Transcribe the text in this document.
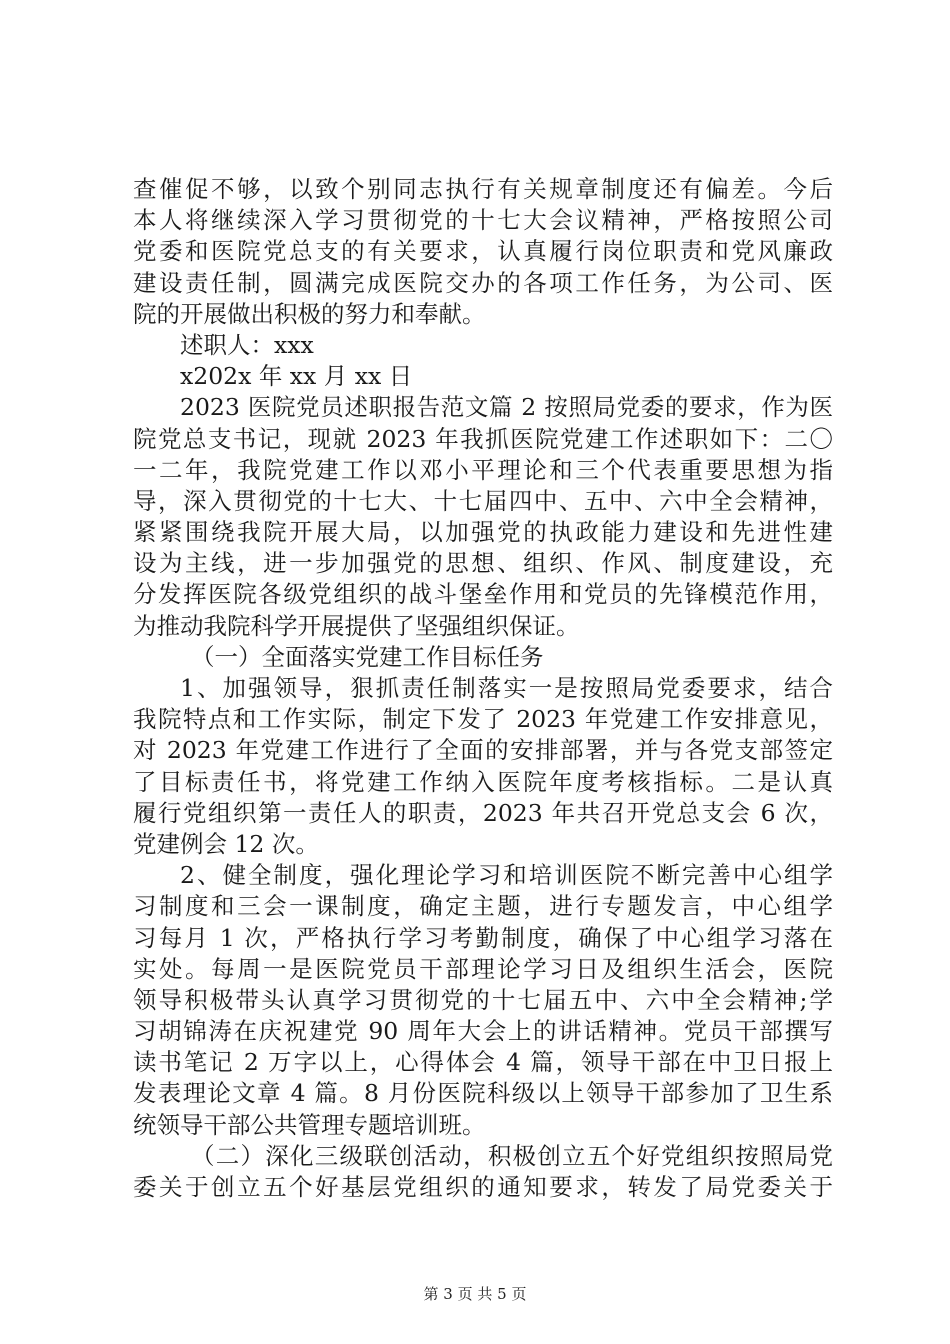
查催促不够，以致个别同志执行有关规章制度还有偏差。今后
本人将继续深入学习贯彻党的十七大会议精神，严格按照公司
党委和医院党总支的有关要求，认真履行岗位职责和党风廉政
建设责任制，圆满完成医院交办的各项工作任务，为公司、医
院的开展做出积极的努力和奉献。
述职人：xxx
x202x 年 xx 月 xx 日
2023 医院党员述职报告范文篇 2 按照局党委的要求，作为医
院党总支书记，现就 2023 年我抓医院党建工作述职如下：二〇
一二年，我院党建工作以邓小平理论和三个代表重要思想为指
导，深入贯彻党的十七大、十七届四中、五中、六中全会精神，
紧紧围绕我院开展大局，以加强党的执政能力建设和先进性建
设为主线，进一步加强党的思想、组织、作风、制度建设，充
分发挥医院各级党组织的战斗堡垒作用和党员的先锋模范作用，
为推动我院科学开展提供了坚强组织保证。
（一）全面落实党建工作目标任务
1、加强领导，狠抓责任制落实一是按照局党委要求，结合
我院特点和工作实际，制定下发了 2023 年党建工作安排意见，
对 2023 年党建工作进行了全面的安排部署，并与各党支部签定
了目标责任书，将党建工作纳入医院年度考核指标。二是认真
履行党组织第一责任人的职责，2023 年共召开党总支会 6 次，
党建例会 12 次。
2、健全制度，强化理论学习和培训医院不断完善中心组学
习制度和三会一课制度，确定主题，进行专题发言，中心组学
习每月 1 次，严格执行学习考勤制度，确保了中心组学习落在
实处。每周一是医院党员干部理论学习日及组织生活会，医院
领导积极带头认真学习贯彻党的十七届五中、六中全会精神;学
习胡锦涛在庆祝建党 90 周年大会上的讲话精神。党员干部撰写
读书笔记 2 万字以上，心得体会 4 篇，领导干部在中卫日报上
发表理论文章 4 篇。8 月份医院科级以上领导干部参加了卫生系
统领导干部公共管理专题培训班。
（二）深化三级联创活动，积极创立五个好党组织按照局党
委关于创立五个好基层党组织的通知要求，转发了局党委关于
第 3 页 共 5 页
